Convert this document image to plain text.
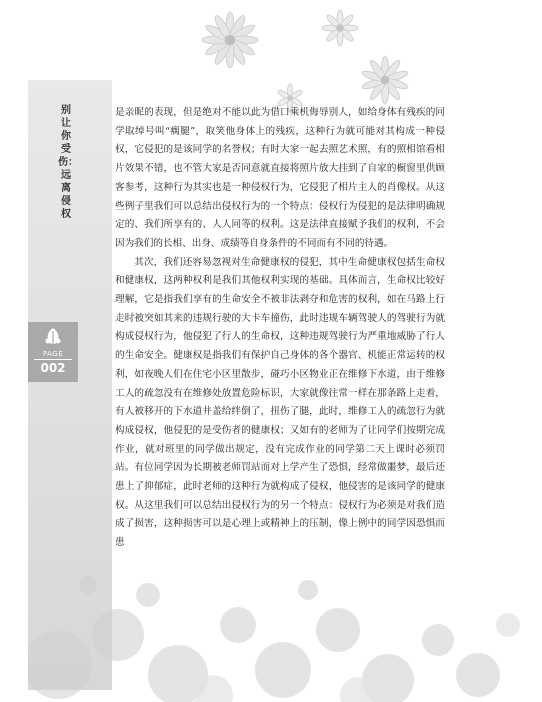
别让你受伤：远离侵权
PAGE
002

是亲昵的表现，但是绝对不能以此为借口乘机侮辱别人，如给身体有残疾的同学取绰号叫“瘸腿”，取笑他身体上的残疾，这种行为就可能对其构成一种侵权，它侵犯的是该同学的名誉权；有时大家一起去照艺术照，有的照相馆看相片效果不错，也不管大家是否同意就直接将照片放大挂到了自家的橱窗里供顾客参考，这种行为其实也是一种侵权行为，它侵犯了相片主人的肖像权。从这些例子里我们可以总结出侵权行为的一个特点：侵权行为侵犯的是法律明确规定的、我们所享有的、人人同等的权利。这是法律直接赋予我们的权利，不会因为我们的长相、出身、成绩等自身条件的不同而有不同的待遇。

其次，我们还容易忽视对生命健康权的侵犯，其中生命健康权包括生命权和健康权，这两种权利是我们其他权利实现的基础。具体而言，生命权比较好理解，它是指我们享有的生命安全不被非法剥夺和危害的权利，如在马路上行走时被突如其来的违规行驶的大卡车撞伤，此时违规车辆驾驶人的驾驶行为就构成侵权行为，他侵犯了行人的生命权，这种违规驾驶行为严重地威胁了行人的生命安全。健康权是指我们有保护自己身体的各个器官、机能正常运转的权利，如夜晚人们在住宅小区里散步，碰巧小区物业正在维修下水道，由于维修工人的疏忽没有在维修处放置危险标识，大家就像往常一样在那条路上走着，有人被移开的下水道井盖给绊倒了，扭伤了腿，此时，维修工人的疏忽行为就构成侵权，他侵犯的是受伤者的健康权；又如有的老师为了让同学们按期完成作业，就对班里的同学做出规定，没有完成作业的同学第二天上课时必须罚站。有位同学因为长期被老师罚站而对上学产生了恐惧，经常做噩梦，最后还患上了抑郁症，此时老师的这种行为就构成了侵权，他侵害的是该同学的健康权。从这里我们可以总结出侵权行为的另一个特点：侵权行为必须是对我们造成了损害，这种损害可以是心理上或精神上的压制，像上例中的同学因恐惧而患
